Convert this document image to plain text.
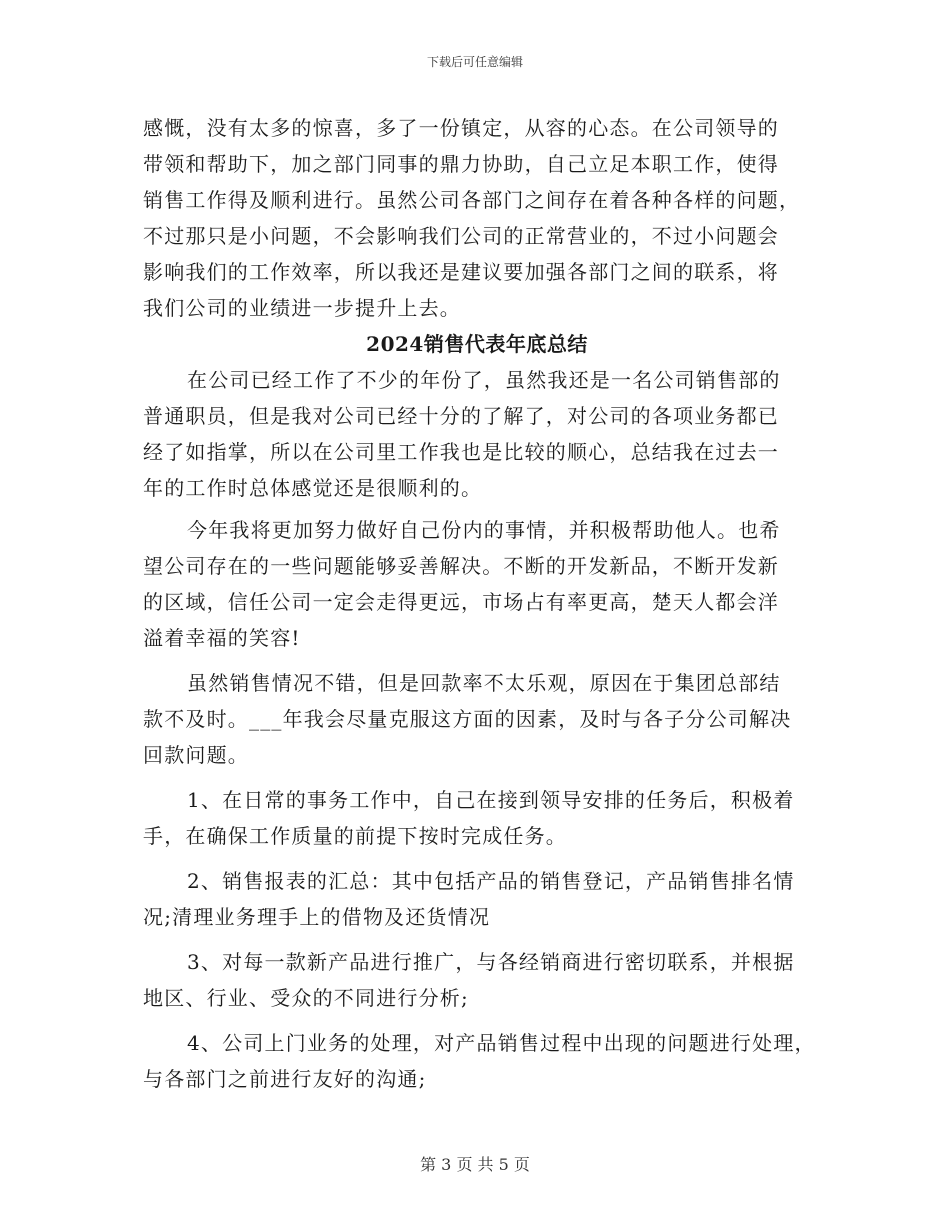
下载后可任意编辑
感慨，没有太多的惊喜，多了一份镇定，从容的心态。在公司领导的
带领和帮助下，加之部门同事的鼎力协助，自己立足本职工作，使得
销售工作得及顺利进行。虽然公司各部门之间存在着各种各样的问题，
不过那只是小问题，不会影响我们公司的正常营业的，不过小问题会
影响我们的工作效率，所以我还是建议要加强各部门之间的联系，将
我们公司的业绩进一步提升上去。
2024销售代表年底总结
在公司已经工作了不少的年份了，虽然我还是一名公司销售部的
普通职员，但是我对公司已经十分的了解了，对公司的各项业务都已
经了如指掌，所以在公司里工作我也是比较的顺心，总结我在过去一
年的工作时总体感觉还是很顺利的。
今年我将更加努力做好自己份内的事情，并积极帮助他人。也希
望公司存在的一些问题能够妥善解决。不断的开发新品，不断开发新
的区域，信任公司一定会走得更远，市场占有率更高，楚天人都会洋
溢着幸福的笑容!
虽然销售情况不错，但是回款率不太乐观，原因在于集团总部结
款不及时。___年我会尽量克服这方面的因素，及时与各子分公司解决
回款问题。
1、在日常的事务工作中，自己在接到领导安排的任务后，积极着
手，在确保工作质量的前提下按时完成任务。
2、销售报表的汇总：其中包括产品的销售登记，产品销售排名情
况;清理业务理手上的借物及还货情况
3、对每一款新产品进行推广，与各经销商进行密切联系，并根据
地区、行业、受众的不同进行分析;
4、公司上门业务的处理，对产品销售过程中出现的问题进行处理，
与各部门之前进行友好的沟通;
第 3 页 共 5 页
